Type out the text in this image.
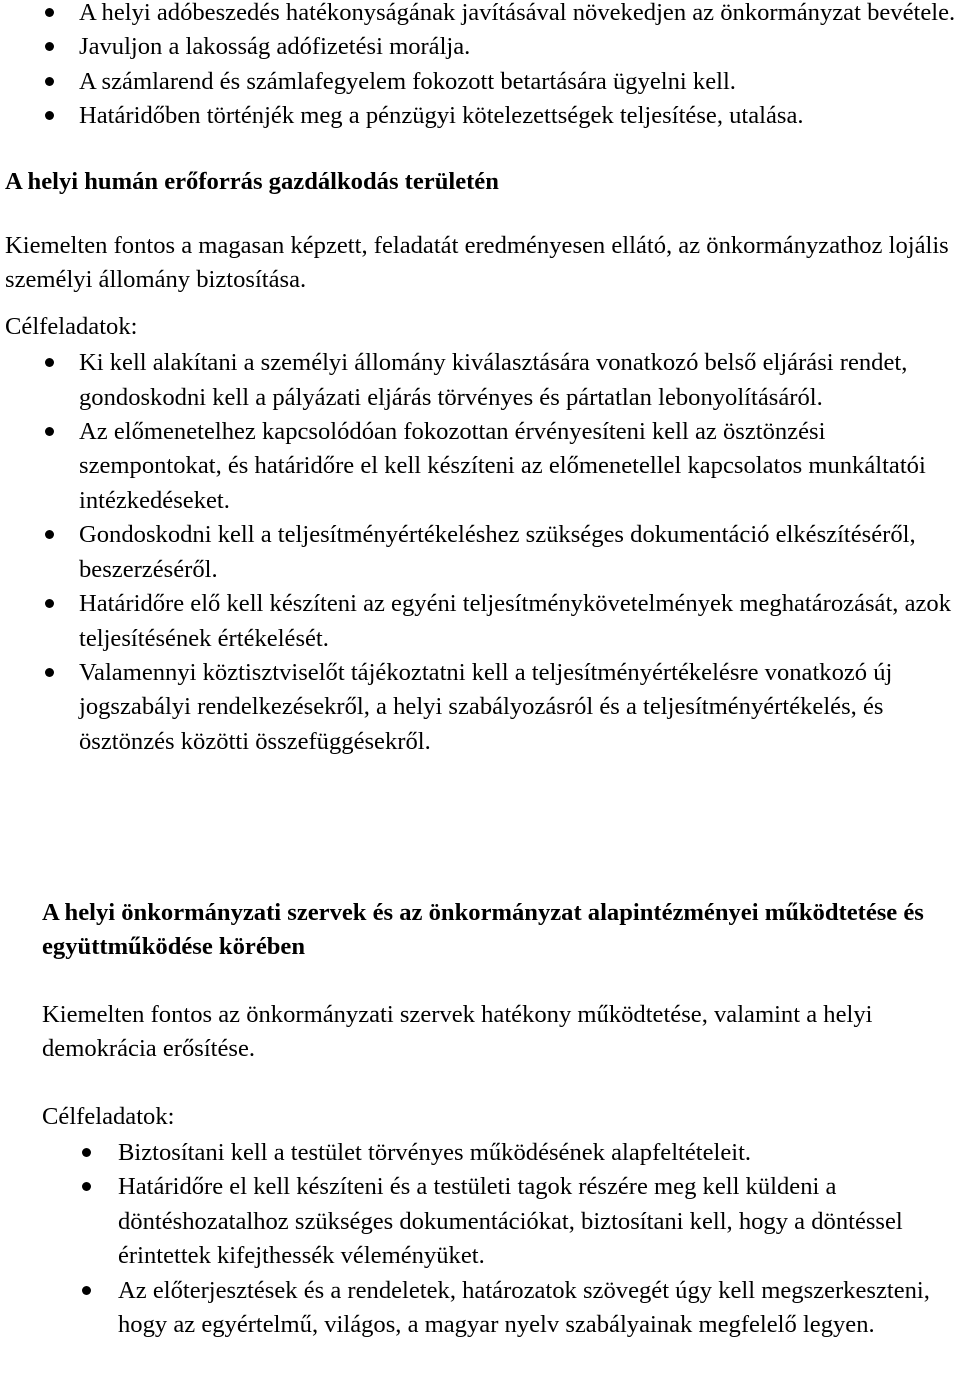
A helyi adóbeszedés hatékonyságának javításával növekedjen az önkormányzat bevétele.
Javuljon a lakosság adófizetési morálja.
A számlarend és számlafegyelem fokozott betartására ügyelni kell.
Határidőben történjék meg a pénzügyi kötelezettségek teljesítése, utalása.

A helyi humán erőforrás gazdálkodás területén

Kiemelten fontos a magasan képzett, feladatát eredményesen ellátó, az önkormányzathoz lojális személyi állomány biztosítása.

Célfeladatok:

Ki kell alakítani a személyi állomány kiválasztására vonatkozó belső eljárási rendet, gondoskodni kell a pályázati eljárás törvényes és pártatlan lebonyolításáról.
Az előmenetelhez kapcsolódóan fokozottan érvényesíteni kell az ösztönzési szempontokat, és határidőre el kell készíteni az előmenetellel kapcsolatos munkáltatói intézkedéseket.
Gondoskodni kell a teljesítményértékeléshez szükséges dokumentáció elkészítéséről, beszerzéséről.
Határidőre elő kell készíteni az egyéni teljesítménykövetelmények meghatározását, azok teljesítésének értékelését.
Valamennyi köztisztviselőt tájékoztatni kell a teljesítményértékelésre vonatkozó új jogszabályi rendelkezésekről, a helyi szabályozásról és a teljesítményértékelés, és ösztönzés közötti összefüggésekről.

A helyi önkormányzati szervek és az önkormányzat alapintézményei működtetése és együttműködése körében

Kiemelten fontos az önkormányzati szervek hatékony működtetése, valamint a helyi demokrácia erősítése.

Célfeladatok:

Biztosítani kell a testület törvényes működésének alapfeltételeit.
Határidőre el kell készíteni és a testületi tagok részére meg kell küldeni a döntéshozatalhoz szükséges dokumentációkat, biztosítani kell, hogy a döntéssel érintettek kifejthessék véleményüket.
Az előterjesztések és a rendeletek, határozatok szövegét úgy kell megszerkeszteni, hogy az egyértelmű, világos, a magyar nyelv szabályainak megfelelő legyen.
